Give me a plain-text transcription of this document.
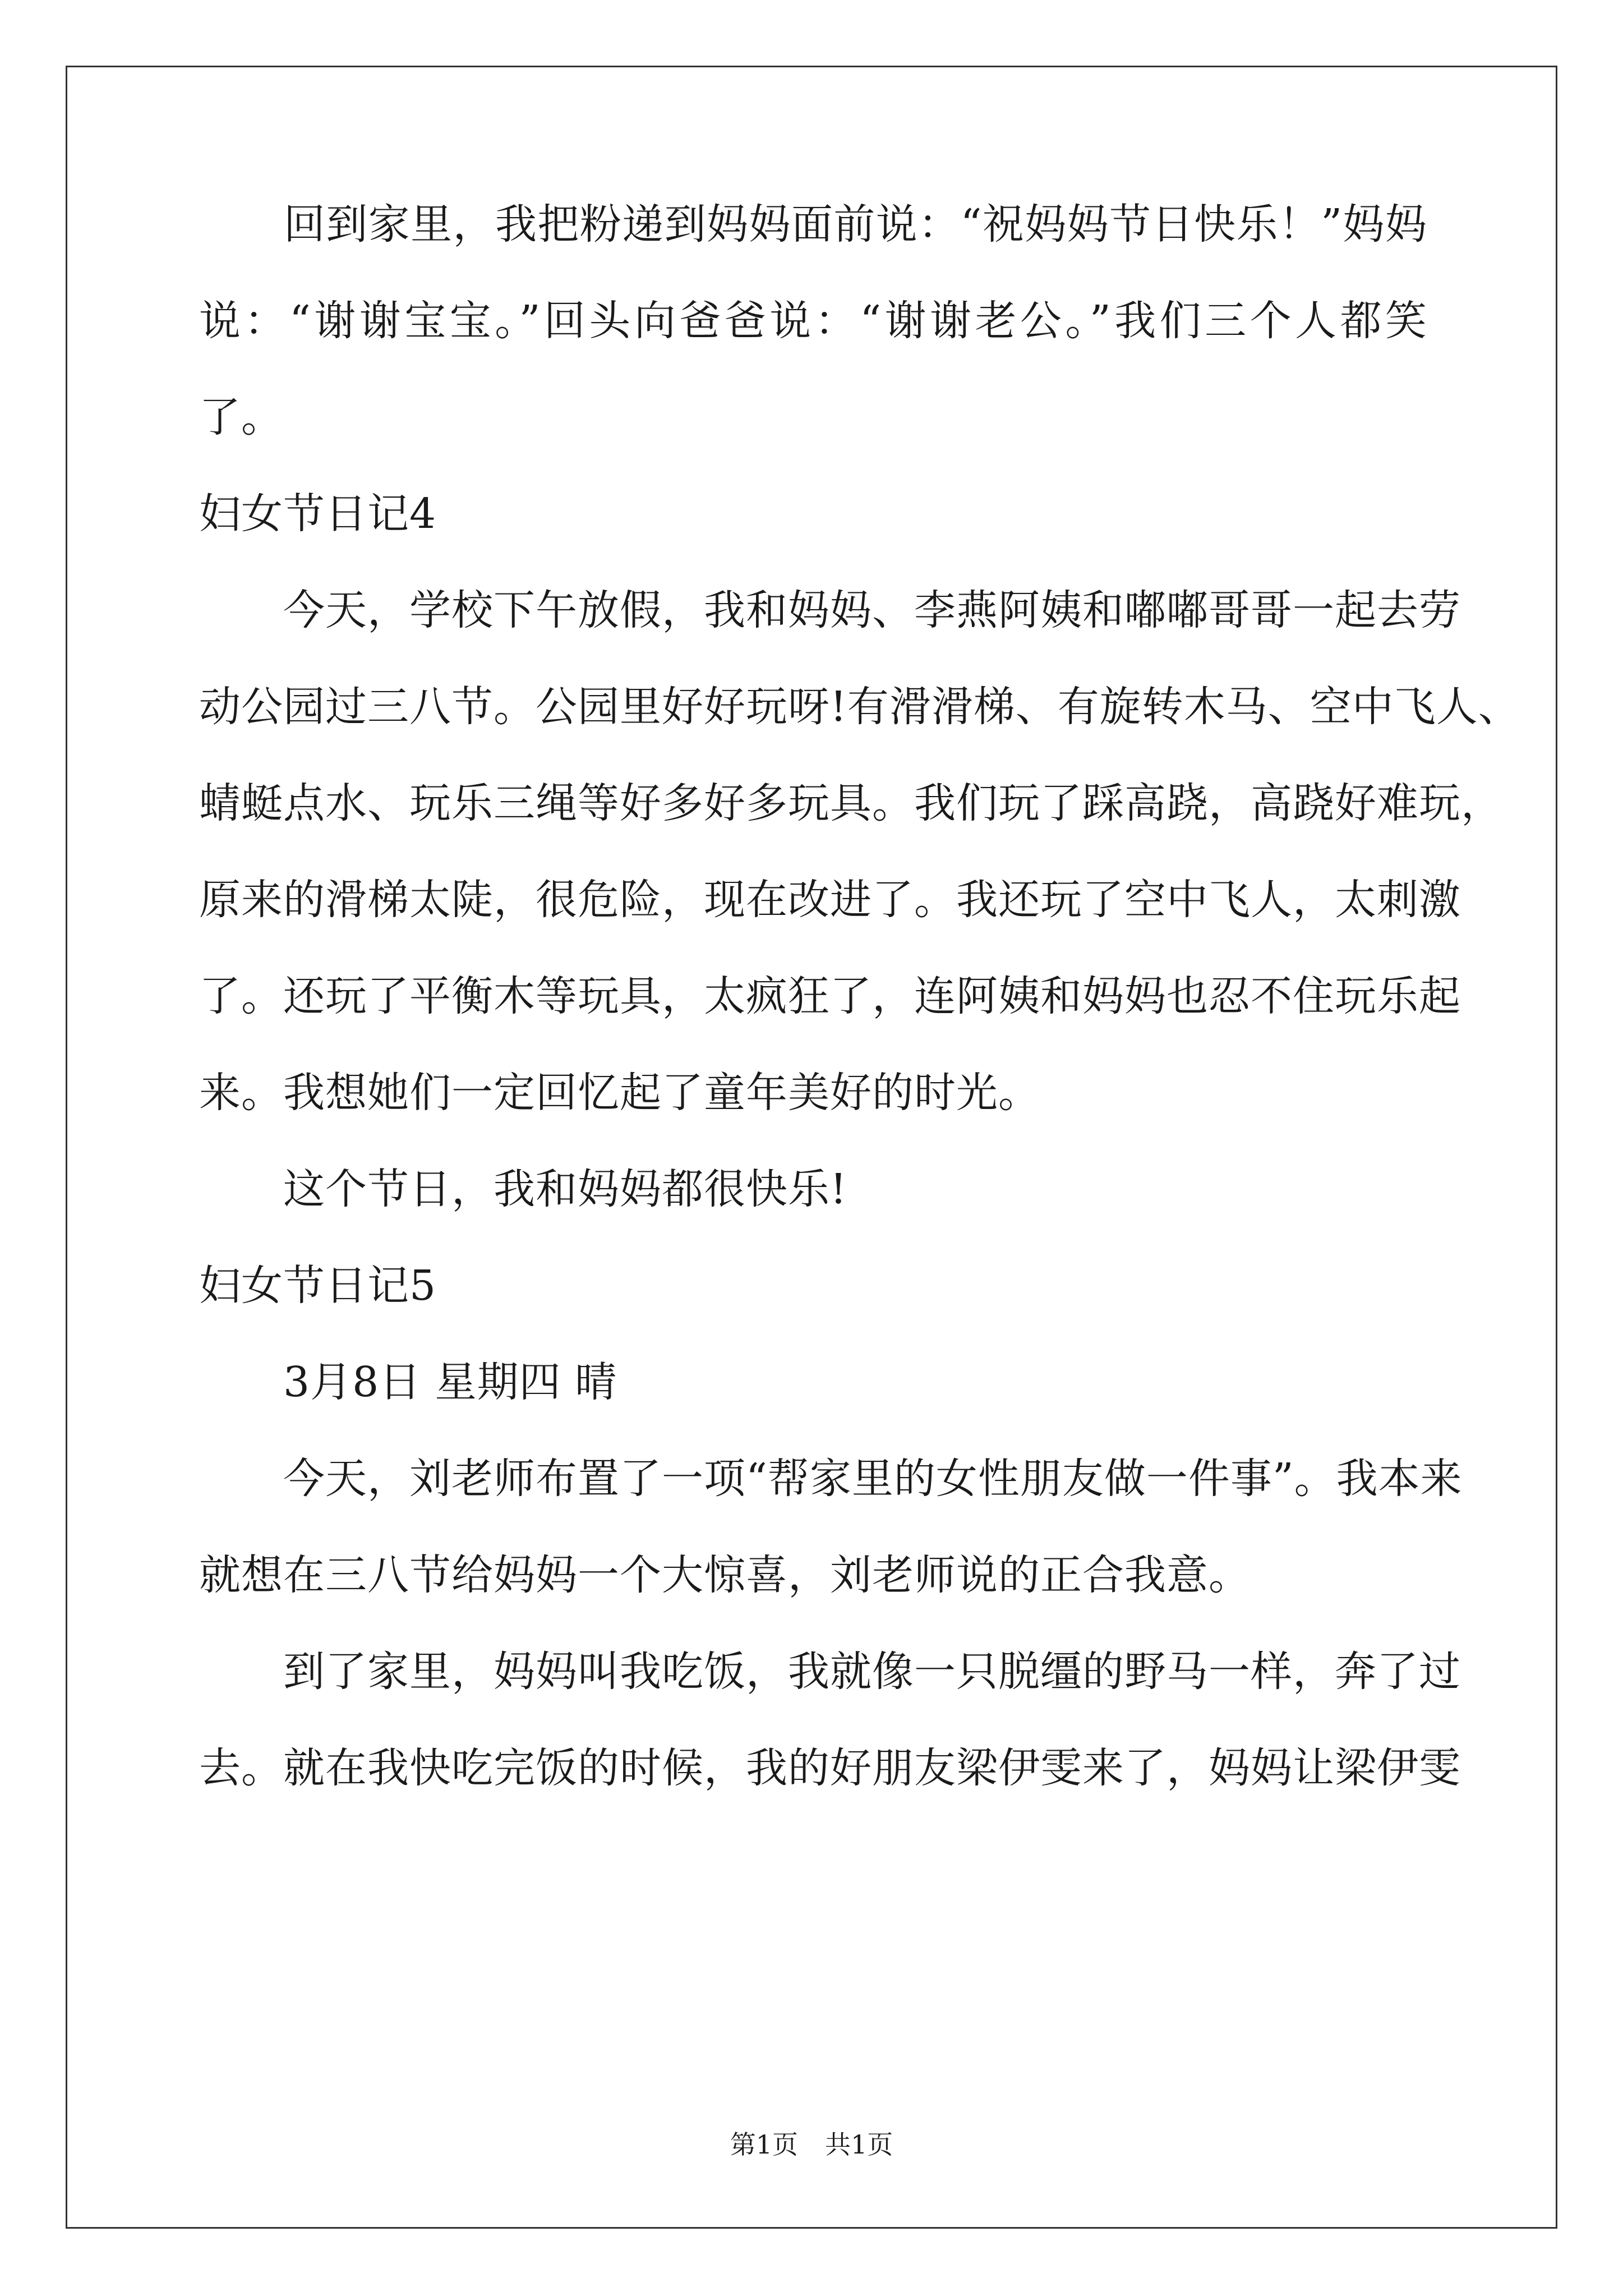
　　回到家里，我把粉递到妈妈面前说：“祝妈妈节日快乐！”妈妈
说：“谢谢宝宝。”回头向爸爸说：“谢谢老公。”我们三个人都笑
了。
妇女节日记4
　　今天，学校下午放假，我和妈妈、李燕阿姨和嘟嘟哥哥一起去劳
动公园过三八节。公园里好好玩呀!有滑滑梯、有旋转木马、空中飞人、
蜻蜓点水、玩乐三绳等好多好多玩具。我们玩了踩高跷，高跷好难玩，
原来的滑梯太陡，很危险，现在改进了。我还玩了空中飞人，太刺激
了。还玩了平衡木等玩具，太疯狂了，连阿姨和妈妈也忍不住玩乐起
来。我想她们一定回忆起了童年美好的时光。
　　这个节日，我和妈妈都很快乐!
妇女节日记5
　　3月8日 星期四 晴
　　今天，刘老师布置了一项“帮家里的女性朋友做一件事”。我本来
就想在三八节给妈妈一个大惊喜，刘老师说的正合我意。
　　到了家里，妈妈叫我吃饭，我就像一只脱缰的野马一样，奔了过
去。就在我快吃完饭的时候，我的好朋友梁伊雯来了，妈妈让梁伊雯
第1页 共1页
